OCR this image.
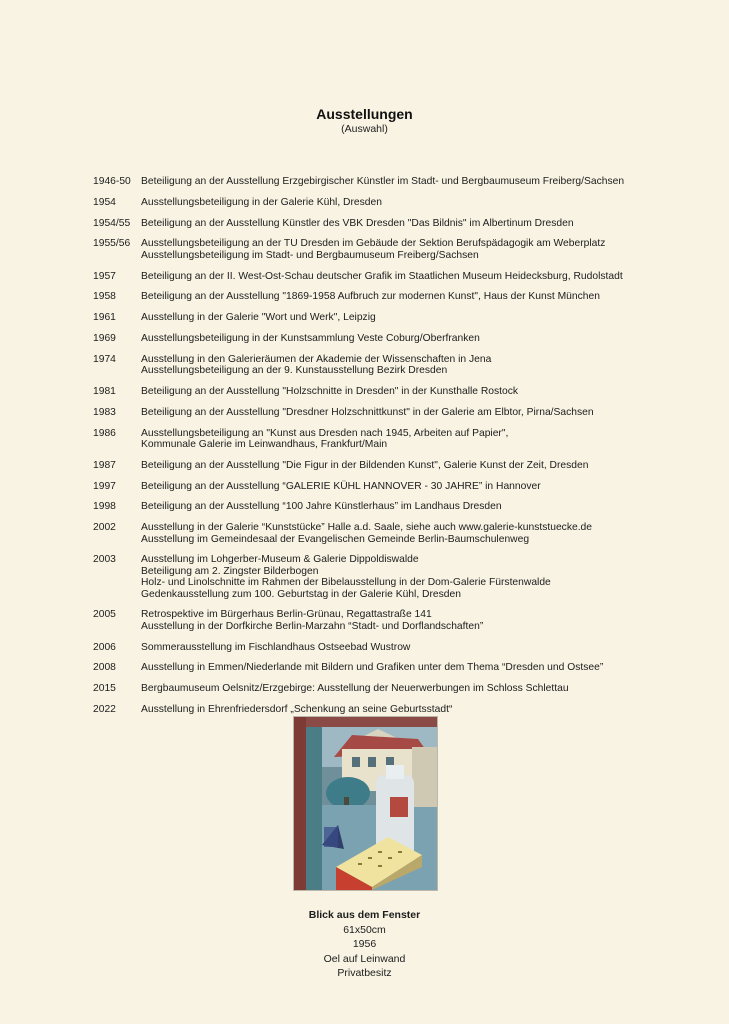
Ausstellungen
(Auswahl)
1946-50 Beteiligung an der Ausstellung Erzgebirgischer Künstler im Stadt- und Bergbaumuseum Freiberg/Sachsen
1954	Ausstellungsbeteiligung in der Galerie Kühl, Dresden
1954/55	Beteiligung an der Ausstellung Künstler des VBK Dresden "Das Bildnis" im Albertinum Dresden
1955/56	Ausstellungsbeteiligung an der TU Dresden im Gebäude der Sektion Berufspädagogik am Weberplatz
Ausstellungsbeteiligung im Stadt- und Bergbaumuseum Freiberg/Sachsen
1957	Beteiligung an der II. West-Ost-Schau deutscher Grafik im Staatlichen Museum Heidecksburg, Rudolstadt
1958	Beteiligung an der Ausstellung "1869-1958 Aufbruch zur modernen Kunst", Haus der Kunst München
1961	Ausstellung in der Galerie "Wort und Werk", Leipzig
1969	Ausstellungsbeteiligung in der Kunstsammlung Veste Coburg/Oberfranken
1974	Ausstellung in den Galerieräumen der Akademie der Wissenschaften in Jena
Ausstellungsbeteiligung an der 9. Kunstausstellung Bezirk Dresden
1981	Beteiligung an der Ausstellung "Holzschnitte in Dresden" in der Kunsthalle Rostock
1983	Beteiligung an der Ausstellung "Dresdner Holzschnittkunst" in der Galerie am Elbtor, Pirna/Sachsen
1986	Ausstellungsbeteiligung an "Kunst aus Dresden nach 1945, Arbeiten auf Papier",
Kommunale Galerie im Leinwandhaus, Frankfurt/Main
1987	Beteiligung an der Ausstellung "Die Figur in der Bildenden Kunst", Galerie Kunst der Zeit, Dresden
1997	Beteiligung an der Ausstellung “GALERIE KÜHL HANNOVER - 30 JAHRE” in Hannover
1998	Beteiligung an der Ausstellung “100 Jahre Künstlerhaus” im Landhaus Dresden
2002	Ausstellung in der Galerie “Kunststücke” Halle a.d. Saale, siehe auch www.galerie-kunststuecke.de
Ausstellung im Gemeindesaal der Evangelischen Gemeinde Berlin-Baumschulenweg
2003	Ausstellung im Lohgerber-Museum & Galerie Dippoldiswalde
Beteiligung am 2. Zingster Bilderbogen
Holz- und Linolschnitte im Rahmen der Bibelausstellung in der Dom-Galerie Fürstenwalde
Gedenkausstellung zum 100. Geburtstag in der Galerie Kühl, Dresden
2005	Retrospektive im Bürgerhaus Berlin-Grünau, Regattastraße 141
Ausstellung in der Dorfkirche Berlin-Marzahn “Stadt- und Dorflandschaften”
2006	Sommerausstellung im Fischlandhaus Ostseebad Wustrow
2008	Ausstellung in Emmen/Niederlande mit Bildern und Grafiken unter dem Thema “Dresden und Ostsee”
2015	Bergbaumuseum Oelsnitz/Erzgebirge: Ausstellung der Neuerwerbungen im Schloss Schlettau
2022	Ausstellung in Ehrenfriedersdorf „Schenkung an seine Geburtsstadt“
Blick aus dem Fenster
61x50cm
1956
Oel auf Leinwand
Privatbesitz
